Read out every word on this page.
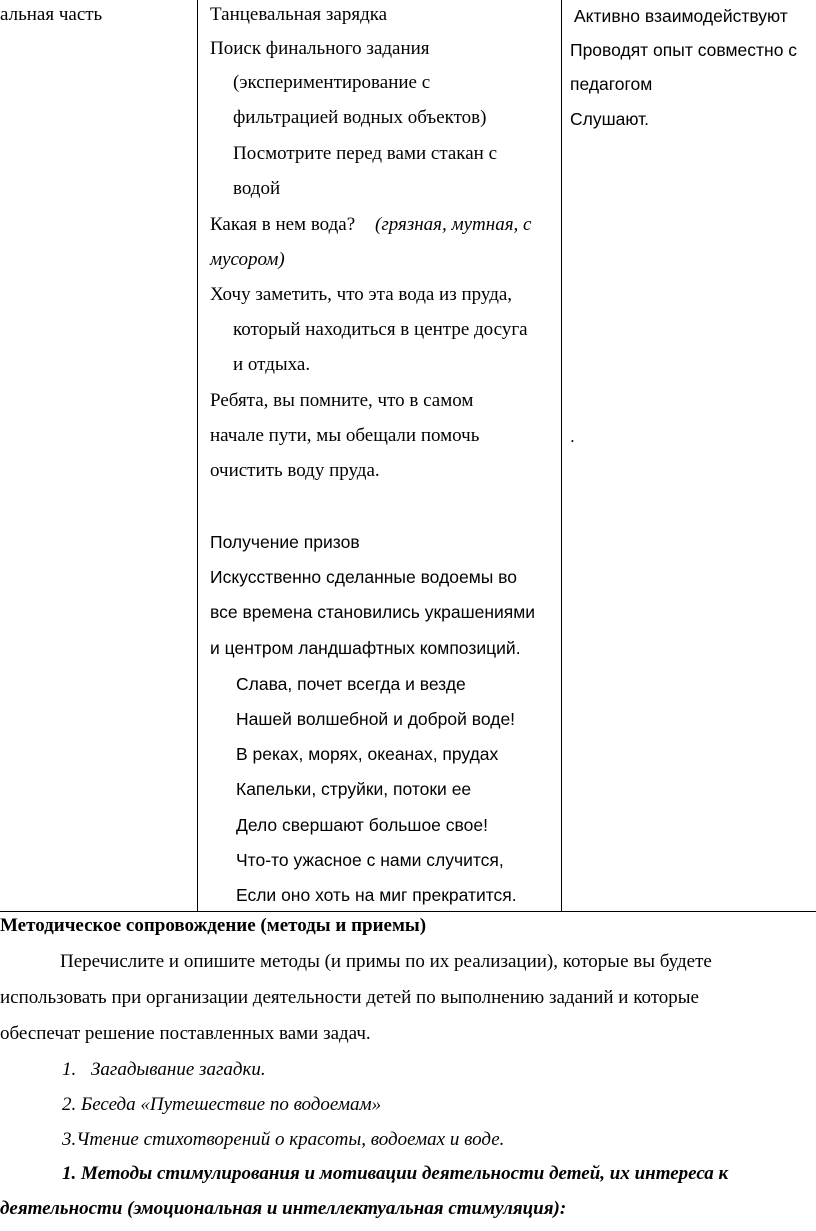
альная часть	Танцевальная зарядка
Поиск финального задания
(экспериментирование с
фильтрацией водных объектов)
Посмотрите перед вами стакан с
водой
Какая в нем вода? (грязная, мутная, с
мусором)
Хочу заметить, что эта вода из пруда,
который находиться в центре досуга
и отдыха.
Ребята, вы помните, что в самом
начале пути, мы обещали помочь
очистить воду пруда.
Получение призов
Искусственно сделанные водоемы во
все времена становились украшениями
и центром ландшафтных композиций.
Слава, почет всегда и везде
Нашей волшебной и доброй воде!
В реках, морях, океанах, прудах
Капельки, струйки, потоки ее
Дело свершают большое свое!
Что-то ужасное с нами случится,
Если оно хоть на миг прекратится.
Активно взаимодействуют
Проводят опыт совместно с
педагогом
Слушают.
.
Методическое сопровождение (методы и приемы)
Перечислите и опишите методы (и примы по их реализации), которые вы будете
использовать при организации деятельности детей по выполнению заданий и которые
обеспечат решение поставленных вами задач.
1. Загадывание загадки.
2. Беседа «Путешествие по водоемам»
3.Чтение стихотворений о красоты, водоемах и воде.
1. Методы стимулирования и мотивации деятельности детей, их интереса к
деятельности (эмоциональная и интеллектуальная стимуляция):
